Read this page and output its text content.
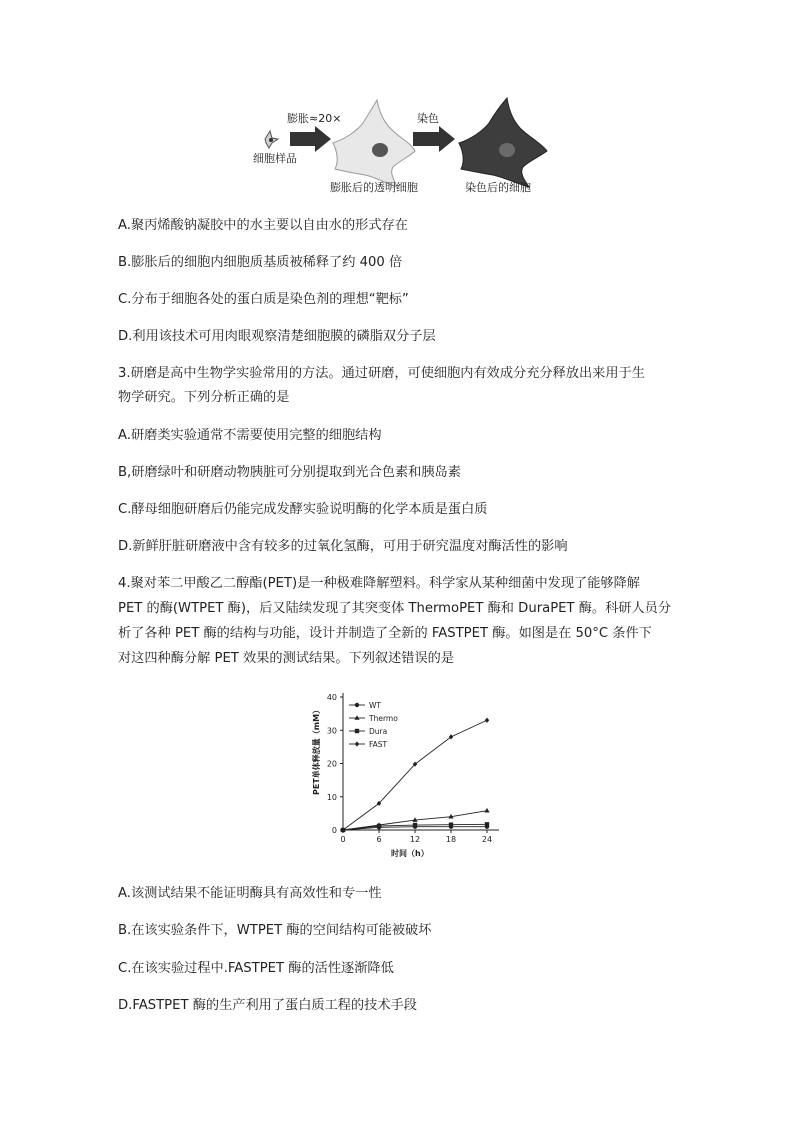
细胞样品
膨胀≈20×
膨胀后的透明细胞
染色
染色后的细胞
A.聚丙烯酸钠凝胶中的水主要以自由水的形式存在
B.膨胀后的细胞内细胞质基质被稀释了约 400 倍
C.分布于细胞各处的蛋白质是染色剂的理想“靶标”
D.利用该技术可用肉眼观察清楚细胞膜的磷脂双分子层
3.研磨是高中生物学实验常用的方法。通过研磨，可使细胞内有效成分充分释放出来用于生
物学研究。下列分析正确的是
A.研磨类实验通常不需要使用完整的细胞结构
B,研磨绿叶和研磨动物胰脏可分别提取到光合色素和胰岛素
C.酵母细胞研磨后仍能完成发酵实验说明酶的化学本质是蛋白质
D.新鲜肝脏研磨液中含有较多的过氧化氢酶，可用于研究温度对酶活性的影响
4.聚对苯二甲酸乙二醇酯(PET)是一种极难降解塑料。科学家从某种细菌中发现了能够降解
PET 的酶(WTPET 酶)，后又陆续发现了其突变体 ThermoPET 酶和 DuraPET 酶。科研人员分
析了各种 PET 酶的结构与功能，设计并制造了全新的 FASTPET 酶。如图是在 50°C 条件下
对这四种酶分解 PET 效果的测试结果。下列叙述错误的是
0
10
20
30
40
0	6	12	18	24
WT
Thermo
Dura
FAST
PET单体释放量（mM）
时间（h）
A.该测试结果不能证明酶具有高效性和专一性
B.在该实验条件下，WTPET 酶的空间结构可能被破坏
C.在该实验过程中.FASTPET 酶的活性逐渐降低
D.FASTPET 酶的生产利用了蛋白质工程的技术手段
